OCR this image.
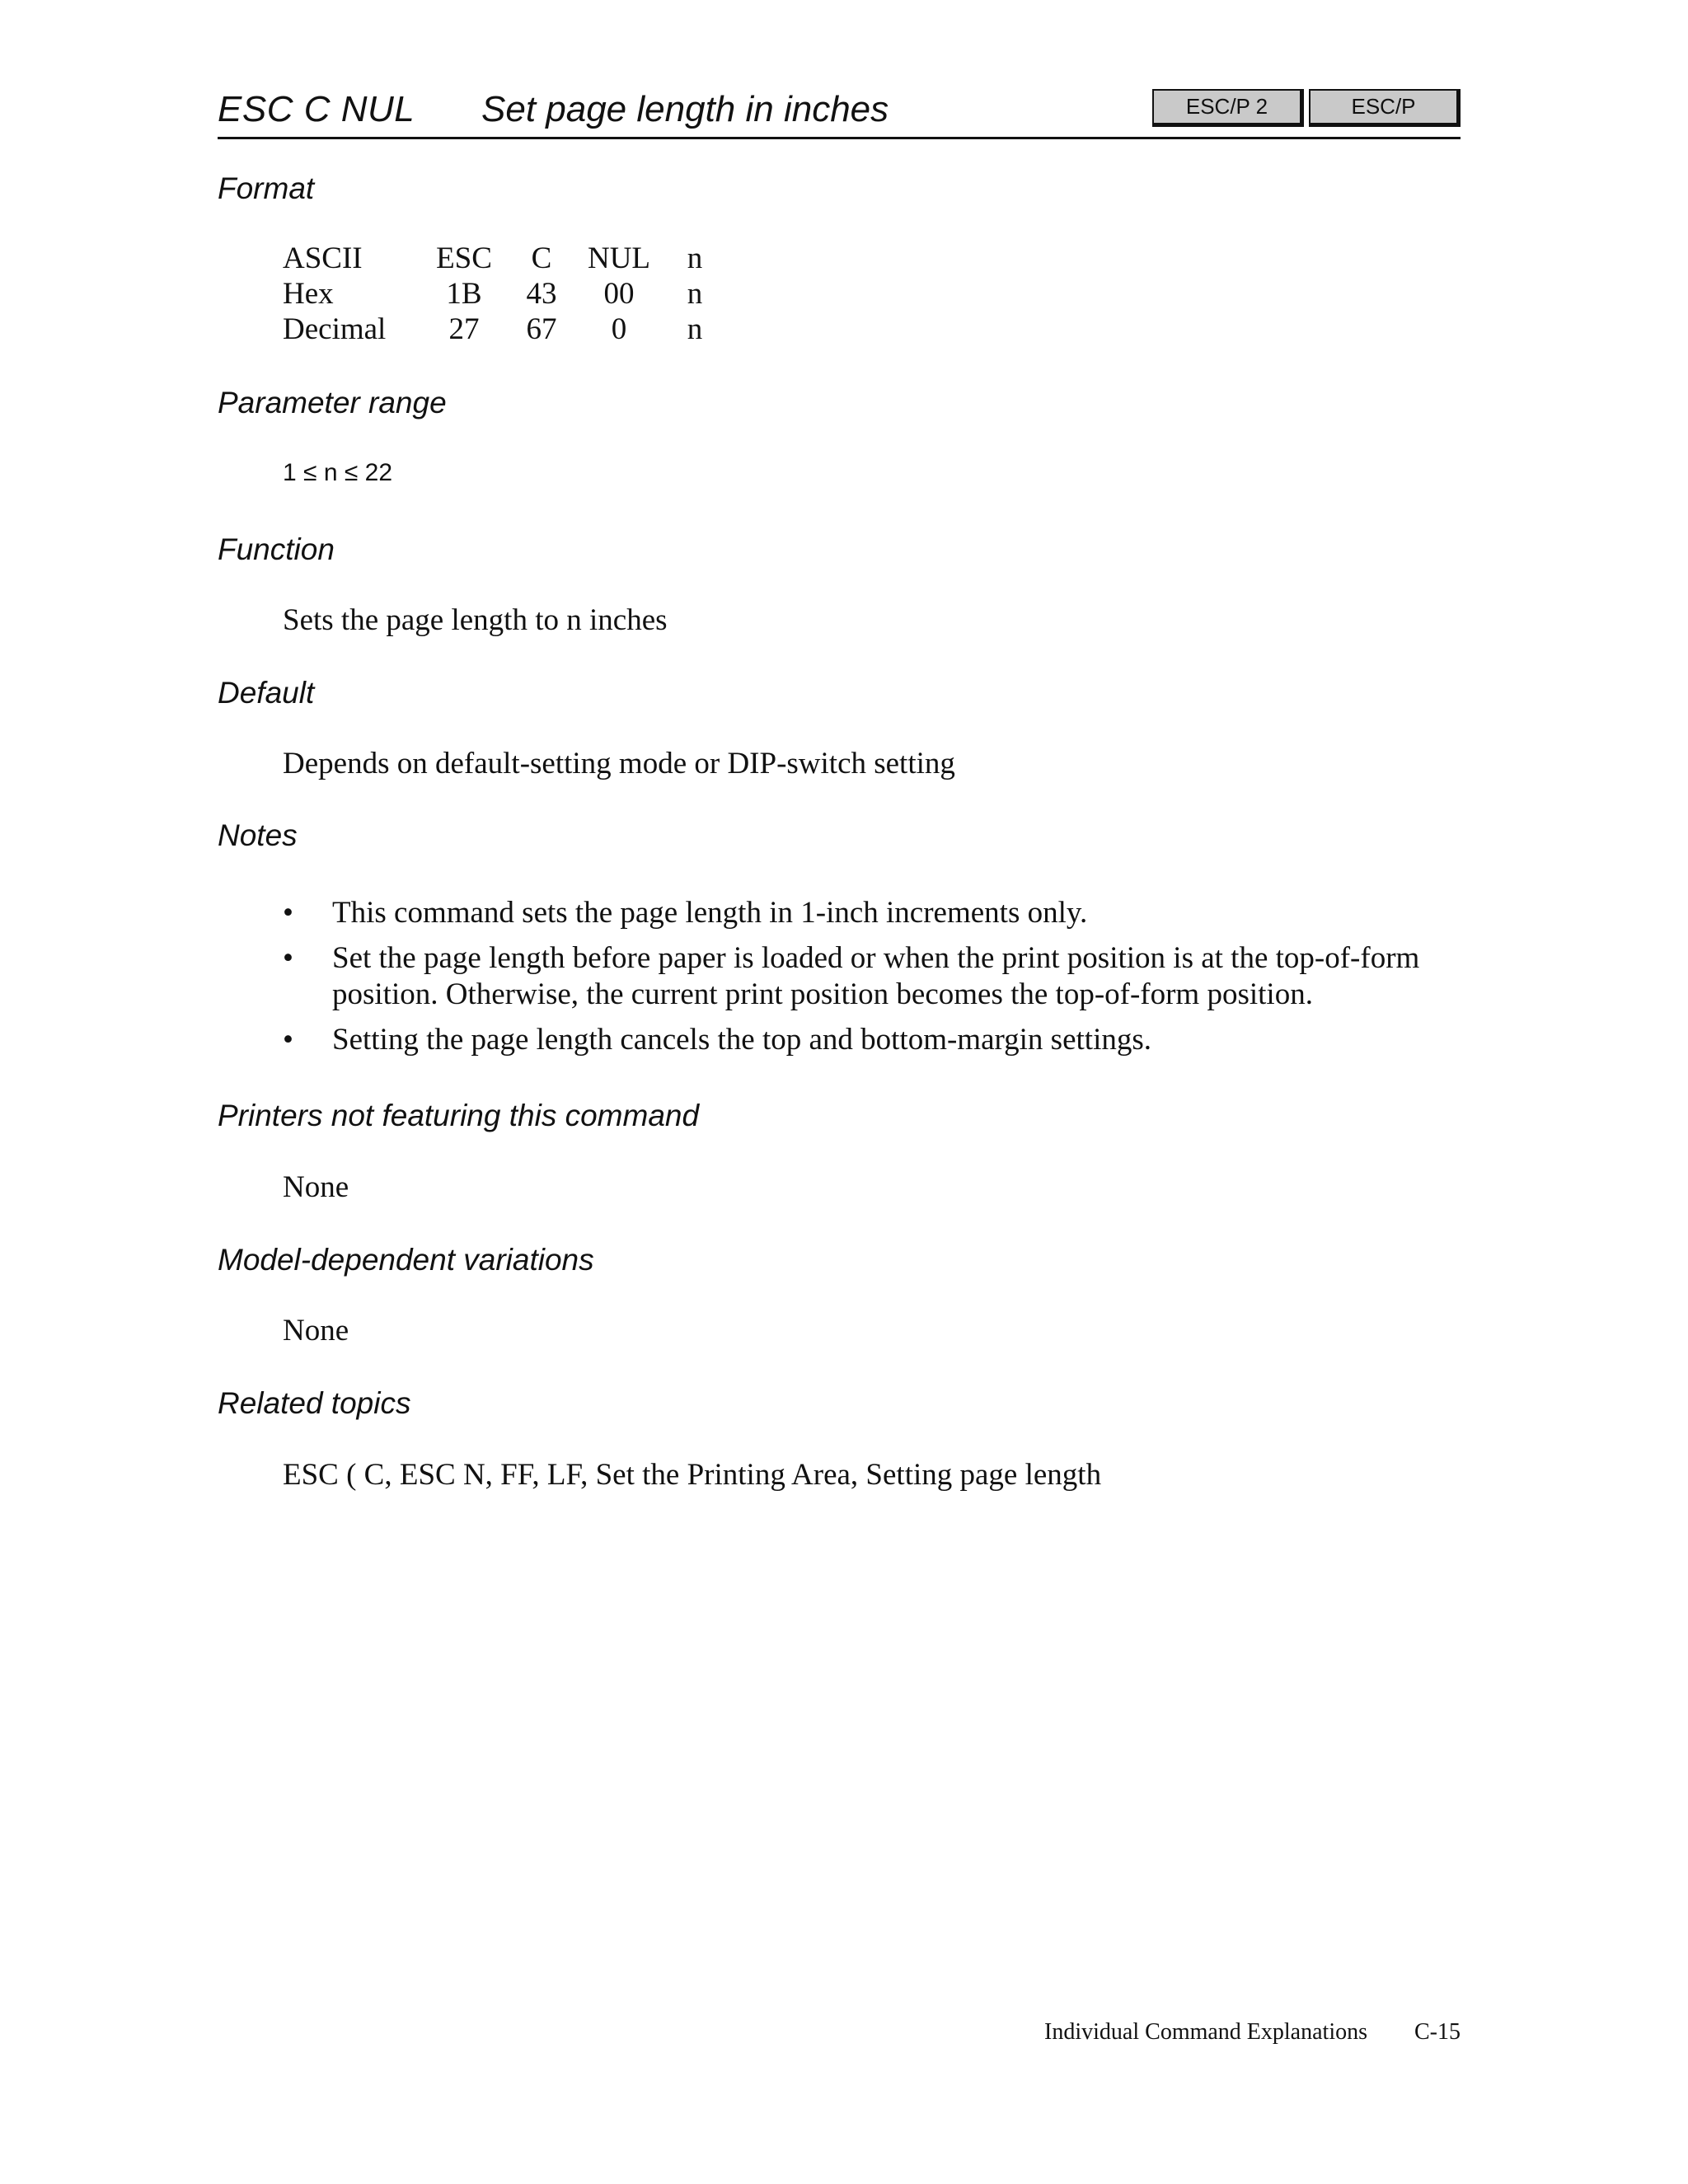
ESC C NUL Set page length in inches	ESC/P 2	ESC/P
Format
ASCII	ESC	C	NUL	n
Hex	1B	43	00	n
Decimal	27	67	0	n
Parameter range
1 ≤ n ≤ 22
Function
Sets the page length to n inches
Default
Depends on default-setting mode or DIP-switch setting
Notes
• This command sets the page length in 1-inch increments only.
• Set the page length before paper is loaded or when the print position is at the top-of-form position. Otherwise, the current print position becomes the top-of-form position.
• Setting the page length cancels the top and bottom-margin settings.
Printers not featuring this command
None
Model-dependent variations
None
Related topics
ESC ( C, ESC N, FF, LF, Set the Printing Area, Setting page length
Individual Command Explanations C-15
